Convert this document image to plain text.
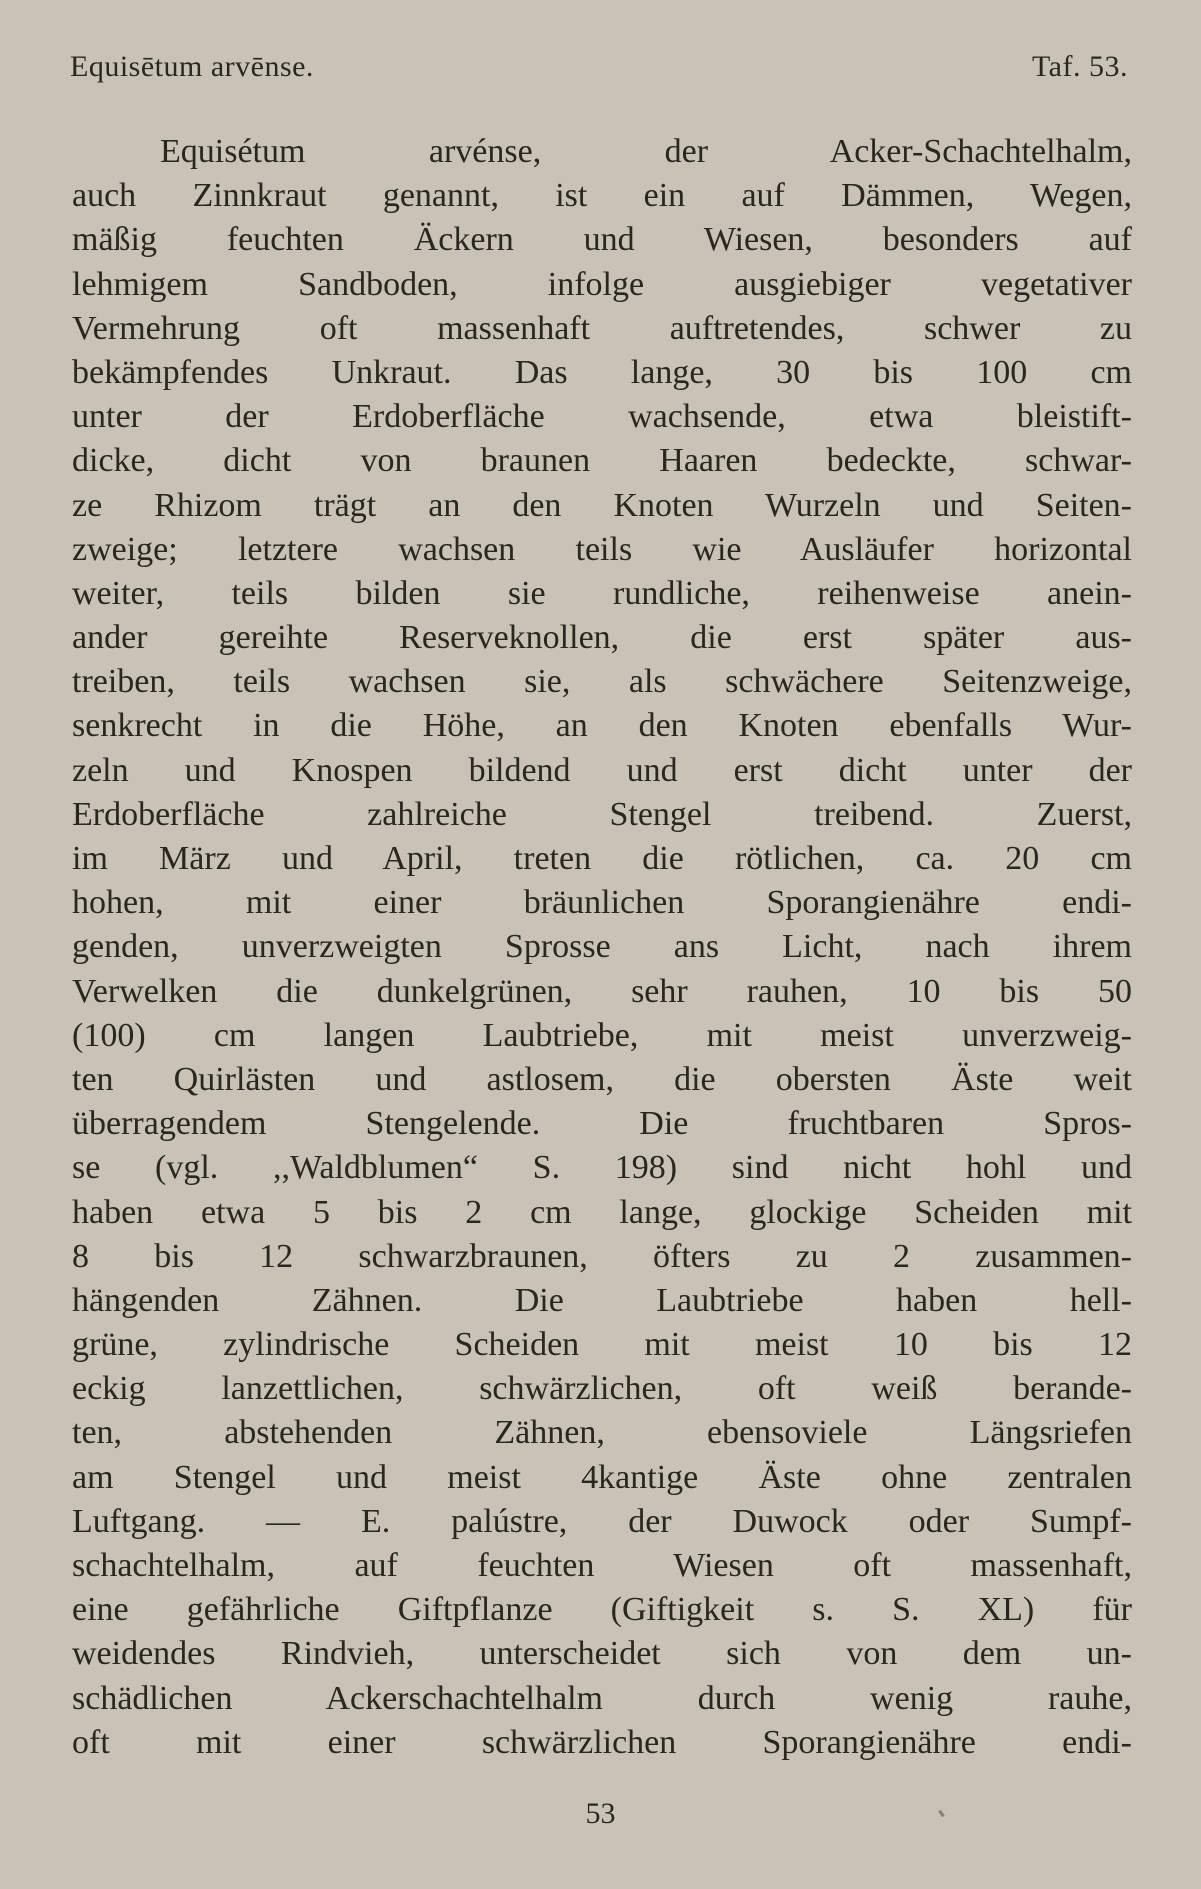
Equisētum arvēnse.	Taf. 53.
Equisétum arvénse, der Acker-Schachtelhalm,
auch Zinnkraut genannt, ist ein auf Dämmen, Wegen,
mäßig feuchten Äckern und Wiesen, besonders auf
lehmigem Sandboden, infolge ausgiebiger vegetativer
Vermehrung oft massenhaft auftretendes, schwer zu
bekämpfendes Unkraut. Das lange, 30 bis 100 cm
unter der Erdoberfläche wachsende, etwa bleistift-
dicke, dicht von braunen Haaren bedeckte, schwar-
ze Rhizom trägt an den Knoten Wurzeln und Seiten-
zweige; letztere wachsen teils wie Ausläufer horizontal
weiter, teils bilden sie rundliche, reihenweise anein-
ander gereihte Reserveknollen, die erst später aus-
treiben, teils wachsen sie, als schwächere Seitenzweige,
senkrecht in die Höhe, an den Knoten ebenfalls Wur-
zeln und Knospen bildend und erst dicht unter der
Erdoberfläche zahlreiche Stengel treibend. Zuerst,
im März und April, treten die rötlichen, ca. 20 cm
hohen, mit einer bräunlichen Sporangienähre endi-
genden, unverzweigten Sprosse ans Licht, nach ihrem
Verwelken die dunkelgrünen, sehr rauhen, 10 bis 50
(100) cm langen Laubtriebe, mit meist unverzweig-
ten Quirlästen und astlosem, die obersten Äste weit
überragendem Stengelende. Die fruchtbaren Spros-
se (vgl. ,,Waldblumen“ S. 198) sind nicht hohl und
haben etwa 5 bis 2 cm lange, glockige Scheiden mit
8 bis 12 schwarzbraunen, öfters zu 2 zusammen-
hängenden Zähnen. Die Laubtriebe haben hell-
grüne, zylindrische Scheiden mit meist 10 bis 12
eckig lanzettlichen, schwärzlichen, oft weiß berande-
ten, abstehenden Zähnen, ebensoviele Längsriefen
am Stengel und meist 4kantige Äste ohne zentralen
Luftgang. — E. palústre, der Duwock oder Sumpf-
schachtelhalm, auf feuchten Wiesen oft massenhaft,
eine gefährliche Giftpflanze (Giftigkeit s. S. XL) für
weidendes Rindvieh, unterscheidet sich von dem un-
schädlichen Ackerschachtelhalm durch wenig rauhe,
oft mit einer schwärzlichen Sporangienähre endi-
53
